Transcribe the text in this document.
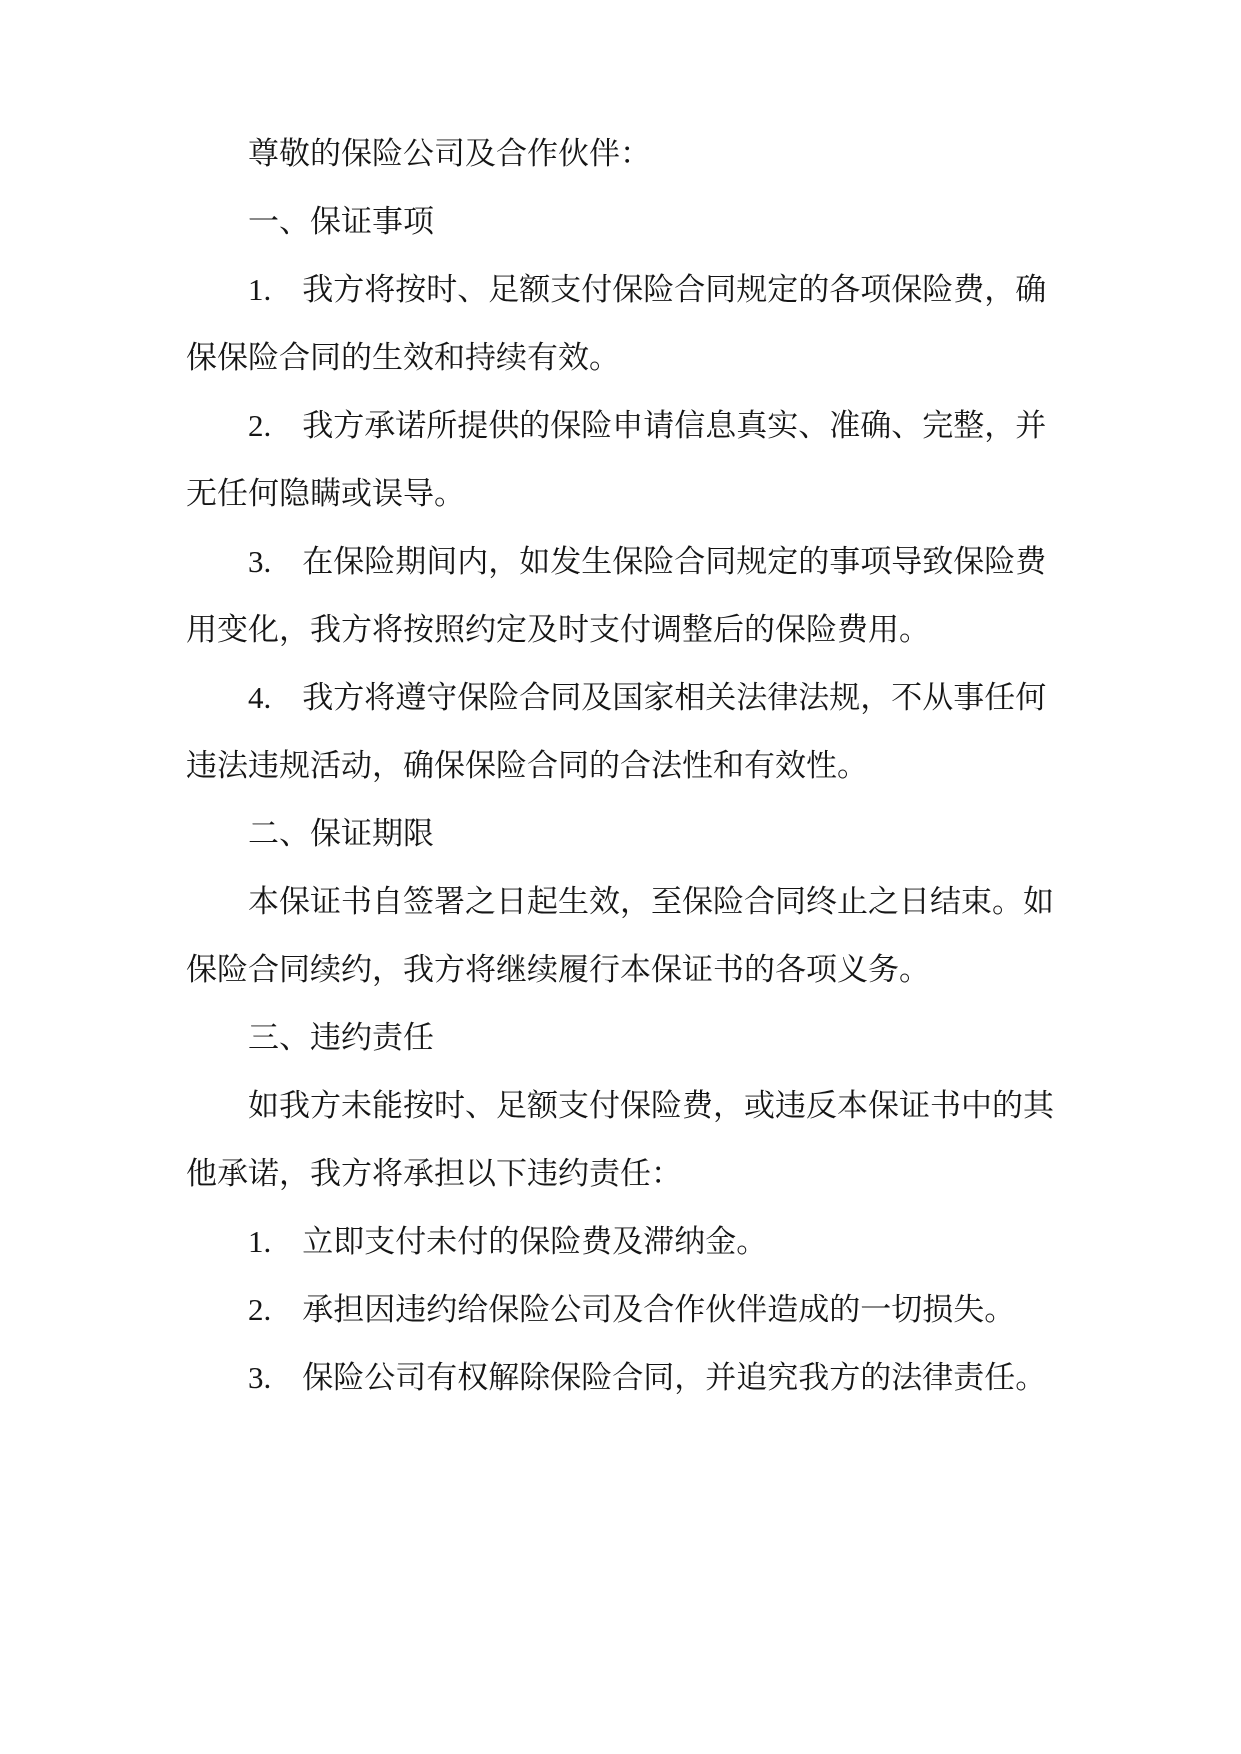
尊敬的保险公司及合作伙伴：

一、保证事项

1.　我方将按时、足额支付保险合同规定的各项保险费，确保保险合同的生效和持续有效。

2.　我方承诺所提供的保险申请信息真实、准确、完整，并无任何隐瞒或误导。

3.　在保险期间内，如发生保险合同规定的事项导致保险费用变化，我方将按照约定及时支付调整后的保险费用。

4.　我方将遵守保险合同及国家相关法律法规，不从事任何违法违规活动，确保保险合同的合法性和有效性。

二、保证期限

本保证书自签署之日起生效，至保险合同终止之日结束。如保险合同续约，我方将继续履行本保证书的各项义务。

三、违约责任

如我方未能按时、足额支付保险费，或违反本保证书中的其他承诺，我方将承担以下违约责任：

1.　立即支付未付的保险费及滞纳金。

2.　承担因违约给保险公司及合作伙伴造成的一切损失。

3.　保险公司有权解除保险合同，并追究我方的法律责任。
